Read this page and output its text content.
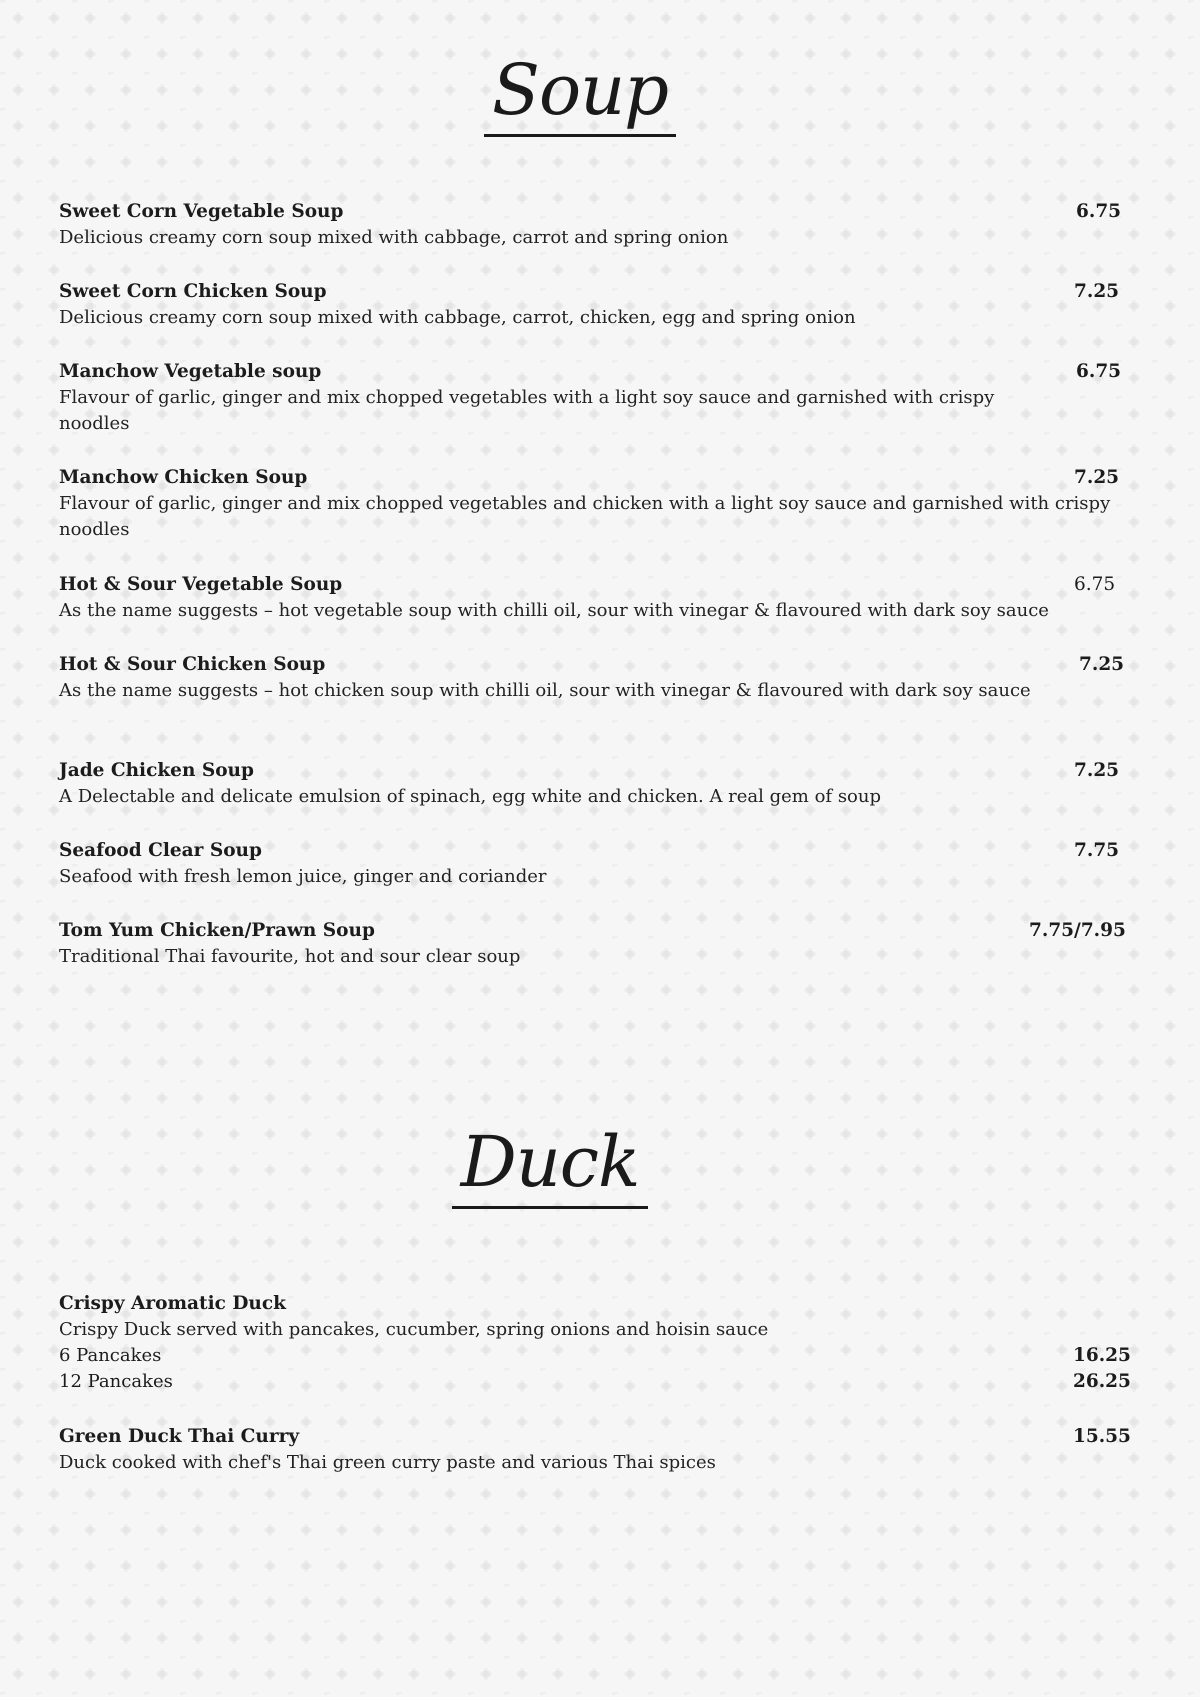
Soup
Sweet Corn Vegetable Soup	6.75
Delicious creamy corn soup mixed with cabbage, carrot and spring onion
Sweet Corn Chicken Soup	7.25
Delicious creamy corn soup mixed with cabbage, carrot, chicken, egg and spring onion
Manchow Vegetable soup	6.75
Flavour of garlic, ginger and mix chopped vegetables with a light soy sauce and garnished with crispy noodles
Manchow Chicken Soup	7.25
Flavour of garlic, ginger and mix chopped vegetables and chicken with a light soy sauce and garnished with crispy noodles
Hot & Sour Vegetable Soup	6.75
As the name suggests – hot vegetable soup with chilli oil, sour with vinegar & flavoured with dark soy sauce
Hot & Sour Chicken Soup	7.25
As the name suggests – hot chicken soup with chilli oil, sour with vinegar & flavoured with dark soy sauce
Jade Chicken Soup	7.25
A Delectable and delicate emulsion of spinach, egg white and chicken. A real gem of soup
Seafood Clear Soup	7.75
Seafood with fresh lemon juice, ginger and coriander
Tom Yum Chicken/Prawn Soup	7.75/7.95
Traditional Thai favourite, hot and sour clear soup
Duck
Crispy Aromatic Duck
Crispy Duck served with pancakes, cucumber, spring onions and hoisin sauce
6 Pancakes	16.25
12 Pancakes	26.25
Green Duck Thai Curry	15.55
Duck cooked with chef's Thai green curry paste and various Thai spices
